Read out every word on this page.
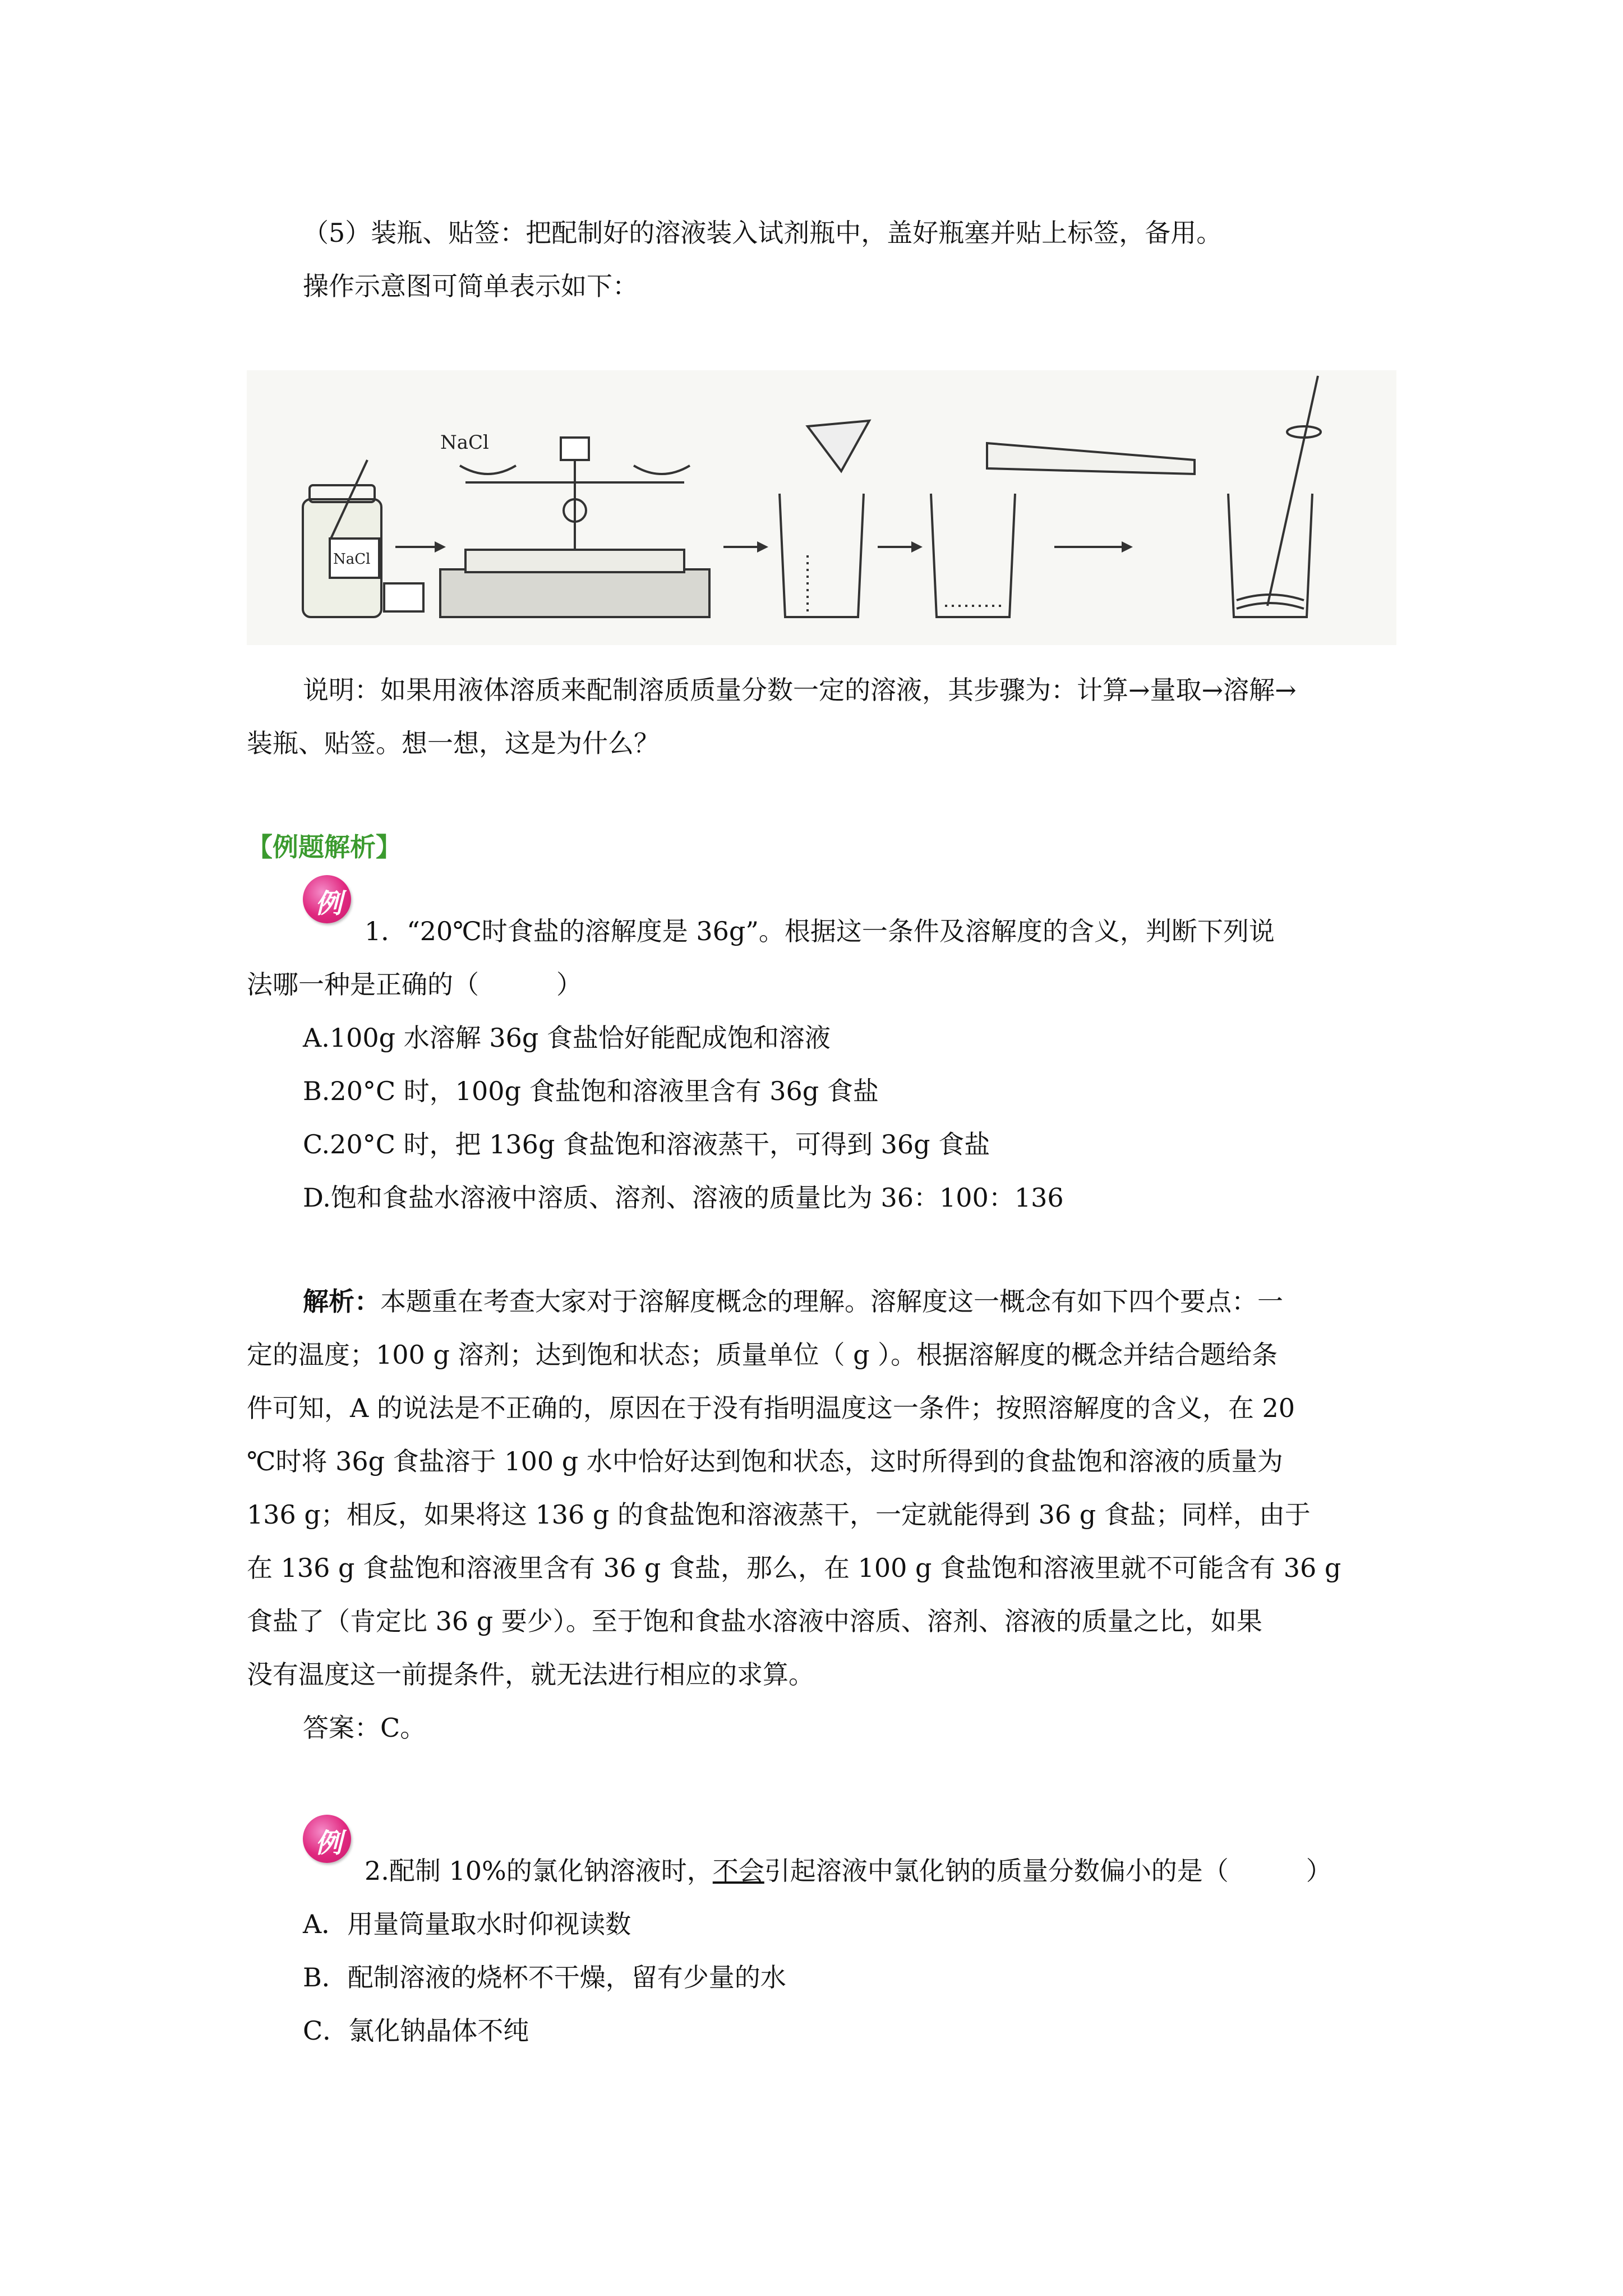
（5）装瓶、贴签：把配制好的溶液装入试剂瓶中，盖好瓶塞并贴上标签，备用。
操作示意图可简单表示如下：
NaCl
NaCl
说明：如果用液体溶质来配制溶质质量分数一定的溶液，其步骤为：计算→量取→溶解→
装瓶、贴签。想一想，这是为什么？
【例题解析】
例
1．“20℃时食盐的溶解度是 36g”。根据这一条件及溶解度的含义，判断下列说
法哪一种是正确的（　　　）
A.100g 水溶解 36g 食盐恰好能配成饱和溶液
B.20°C 时，100g 食盐饱和溶液里含有 36g 食盐
C.20°C 时，把 136g 食盐饱和溶液蒸干，可得到 36g 食盐
D.饱和食盐水溶液中溶质、溶剂、溶液的质量比为 36：100：136
解析：本题重在考查大家对于溶解度概念的理解。溶解度这一概念有如下四个要点：一
定的温度；100 g 溶剂；达到饱和状态；质量单位（ g ）。根据溶解度的概念并结合题给条
件可知，A 的说法是不正确的，原因在于没有指明温度这一条件；按照溶解度的含义，在 20
℃时将 36g 食盐溶于 100 g 水中恰好达到饱和状态，这时所得到的食盐饱和溶液的质量为
136 g；相反，如果将这 136 g 的食盐饱和溶液蒸干，一定就能得到 36 g 食盐；同样，由于
在 136 g 食盐饱和溶液里含有 36 g 食盐，那么，在 100 g 食盐饱和溶液里就不可能含有 36 g
食盐了（肯定比 36 g 要少）。至于饱和食盐水溶液中溶质、溶剂、溶液的质量之比，如果
没有温度这一前提条件，就无法进行相应的求算。
答案：C。
例
2.配制 10%的氯化钠溶液时，不会引起溶液中氯化钠的质量分数偏小的是（　　　）
A．用量筒量取水时仰视读数
B．配制溶液的烧杯不干燥，留有少量的水
C．氯化钠晶体不纯
